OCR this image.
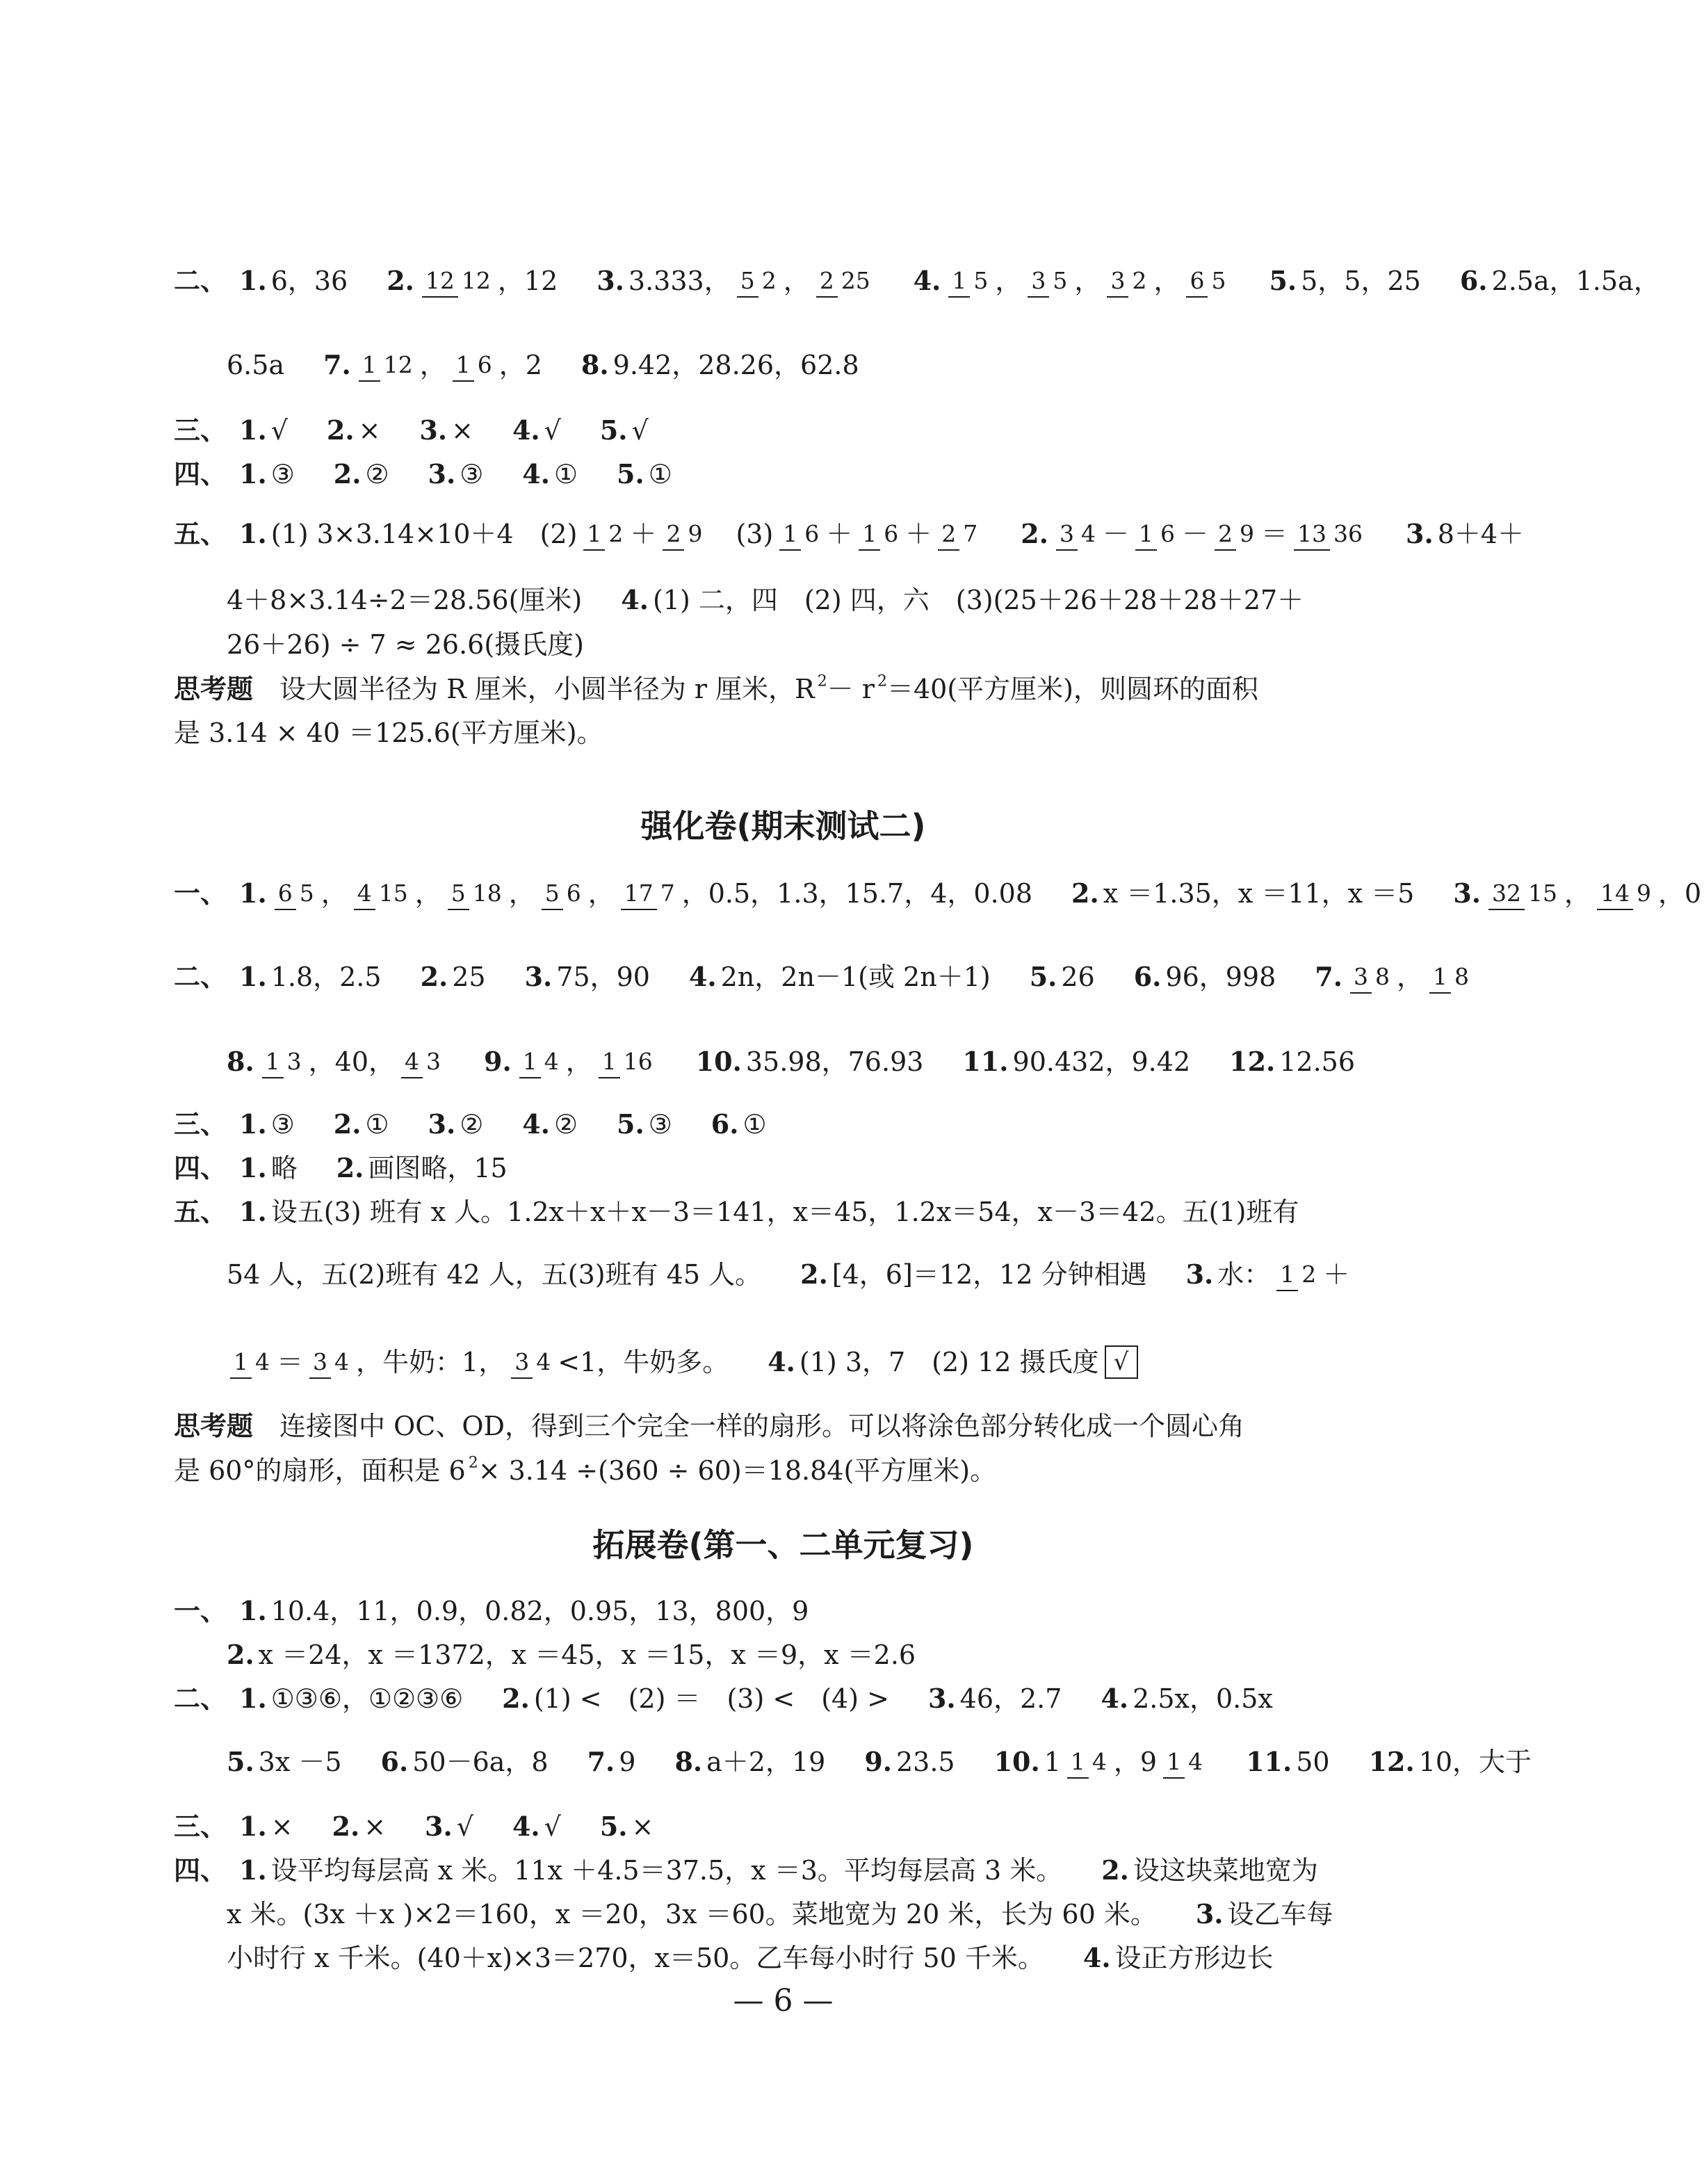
二、 1. 6，36 2. 12 12 ，12 3. 3.333， 5 2 ， 2 25 4. 1 5 ， 3 5 ， 3 2 ， 6 5 5. 5，5，25 6. 2.5a，1.5a，
6.5a 7. 1 12 ， 1 6 ，2 8. 9.42，28.26，62.8
三、 1. √ 2. × 3. × 4. √ 5. √
四、 1. ③ 2. ② 3. ③ 4. ① 5. ①
五、 1. (1) 3×3.14×10＋4　(2)1 2 ＋ 2 9　(3)1 6 ＋ 1 6 ＋ 2 7 2. 3 4 － 1 6 － 2 9 ＝ 13 36 3. 8＋4＋
4＋8×3.14÷2＝28.56(厘米) 4. (1) 二，四　(2) 四，六　(3)(25＋26＋28＋28＋27＋
26＋26) ÷ 7 ≈ 26.6(摄氏度)
思考题　设大圆半径为 R 厘米，小圆半径为 r 厘米，R $^2$－ r $^2$＝40(平方厘米)，则圆环的面积
是 3.14 × 40 ＝125.6(平方厘米)。
强化卷(期末测试二)
一、 1. 6 5 ， 4 15 ， 5 18 ， 5 6 ， 17 7 ，0.5，1.3，15.7，4，0.08 2. x ＝1.35，x ＝11，x ＝5 3. 32 15 ， 14 9 ，0
二、 1. 1.8，2.5 2. 25 3. 75，90 4. 2n，2n－1(或 2n＋1) 5. 26 6. 96，998 7. 3 8 ， 1 8
8. 1 3 ，40， 4 3 9. 1 4 ， 1 16 10. 35.98，76.93 11. 90.432，9.42 12. 12.56
三、 1. ③ 2. ① 3. ② 4. ② 5. ③ 6. ①
四、 1. 略 2. 画图略，15
五、 1. 设五(3) 班有 x 人。1.2x＋x＋x－3＝141，x＝45，1.2x＝54，x－3＝42。五(1)班有
54 人，五(2)班有 42 人，五(3)班有 45 人。 2. [4，6]＝12，12 分钟相遇 3. 水： 1 2 ＋
1 4 ＝ 3 4 ，牛奶：1， 3 4 <1，牛奶多。 4. (1) 3，7　(2) 12 摄氏度 √
思考题　连接图中 OC、OD，得到三个完全一样的扇形。可以将涂色部分转化成一个圆心角
是 60°的扇形，面积是 6 $^2$× 3.14 ÷(360 ÷ 60)＝18.84(平方厘米)。
拓展卷(第一、二单元复习)
一、 1. 10.4，11，0.9，0.82，0.95，13，800，9
2. x ＝24，x ＝1372，x ＝45，x ＝15，x ＝9，x ＝2.6
二、 1. ①③⑥，①②③⑥ 2. (1) <　(2) ＝　(3) <　(4) > 3. 46，2.7 4. 2.5x，0.5x
5. 3x －5 6. 50－6a，8 7. 9 8. a＋2，19 9. 23.5 10. 1 1 4 ，9 1 4 11. 50 12. 10，大于
三、 1. × 2. × 3. √ 4. √ 5. ×
四、 1. 设平均每层高 x 米。11x ＋4.5＝37.5，x ＝3。平均每层高 3 米。 2. 设这块菜地宽为
x 米。(3x ＋x )×2＝160，x ＝20，3x ＝60。菜地宽为 20 米，长为 60 米。 3. 设乙车每
小时行 x 千米。(40＋x)×3＝270，x＝50。乙车每小时行 50 千米。 4. 设正方形边长
— 6 —
